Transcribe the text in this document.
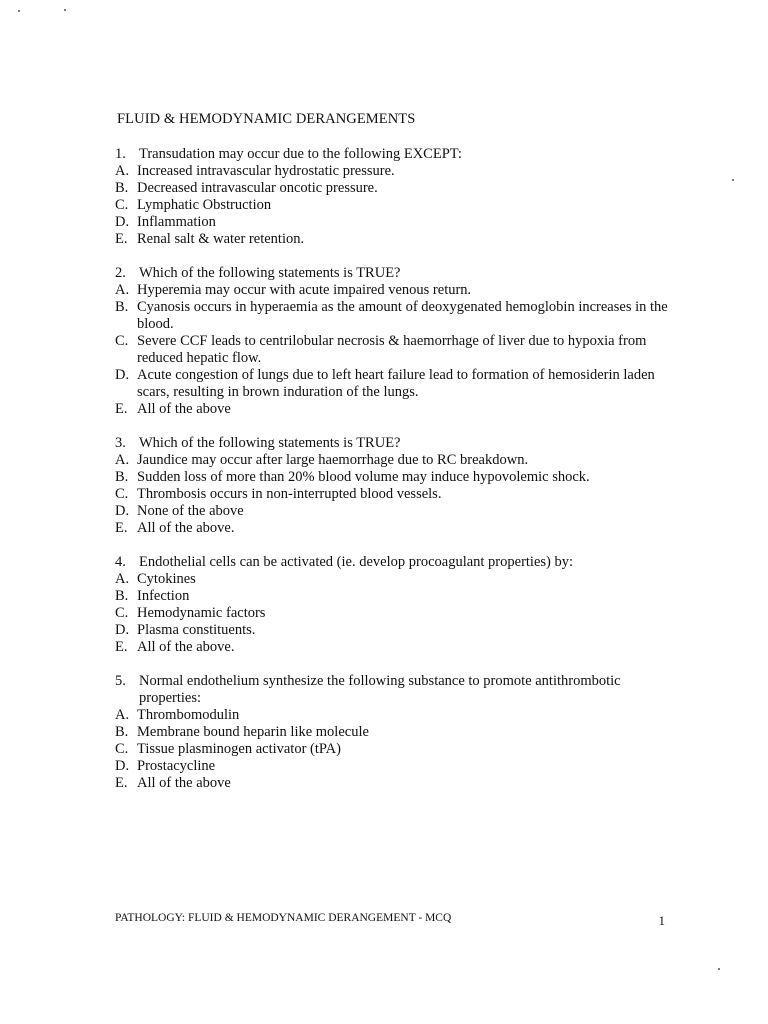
FLUID & HEMODYNAMIC DERANGEMENTS
1. Transudation may occur due to the following EXCEPT:
A. Increased intravascular hydrostatic pressure.
B. Decreased intravascular oncotic pressure.
C. Lymphatic Obstruction
D. Inflammation
E. Renal salt & water retention.
2. Which of the following statements is TRUE?
A. Hyperemia may occur with acute impaired venous return.
B. Cyanosis occurs in hyperaemia as the amount of deoxygenated hemoglobin increases in the blood.
C. Severe CCF leads to centrilobular necrosis & haemorrhage of liver due to hypoxia from reduced hepatic flow.
D. Acute congestion of lungs due to left heart failure lead to formation of hemosiderin laden scars, resulting in brown induration of the lungs.
E. All of the above
3. Which of the following statements is TRUE?
A. Jaundice may occur after large haemorrhage due to RC breakdown.
B. Sudden loss of more than 20% blood volume may induce hypovolemic shock.
C. Thrombosis occurs in non-interrupted blood vessels.
D. None of the above
E. All of the above.
4. Endothelial cells can be activated (ie. develop procoagulant properties) by:
A. Cytokines
B. Infection
C. Hemodynamic factors
D. Plasma constituents.
E. All of the above.
5. Normal endothelium synthesize the following substance to promote antithrombotic properties:
A. Thrombomodulin
B. Membrane bound heparin like molecule
C. Tissue plasminogen activator (tPA)
D. Prostacycline
E. All of the above
PATHOLOGY: FLUID & HEMODYNAMIC DERANGEMENT - MCQ	1
